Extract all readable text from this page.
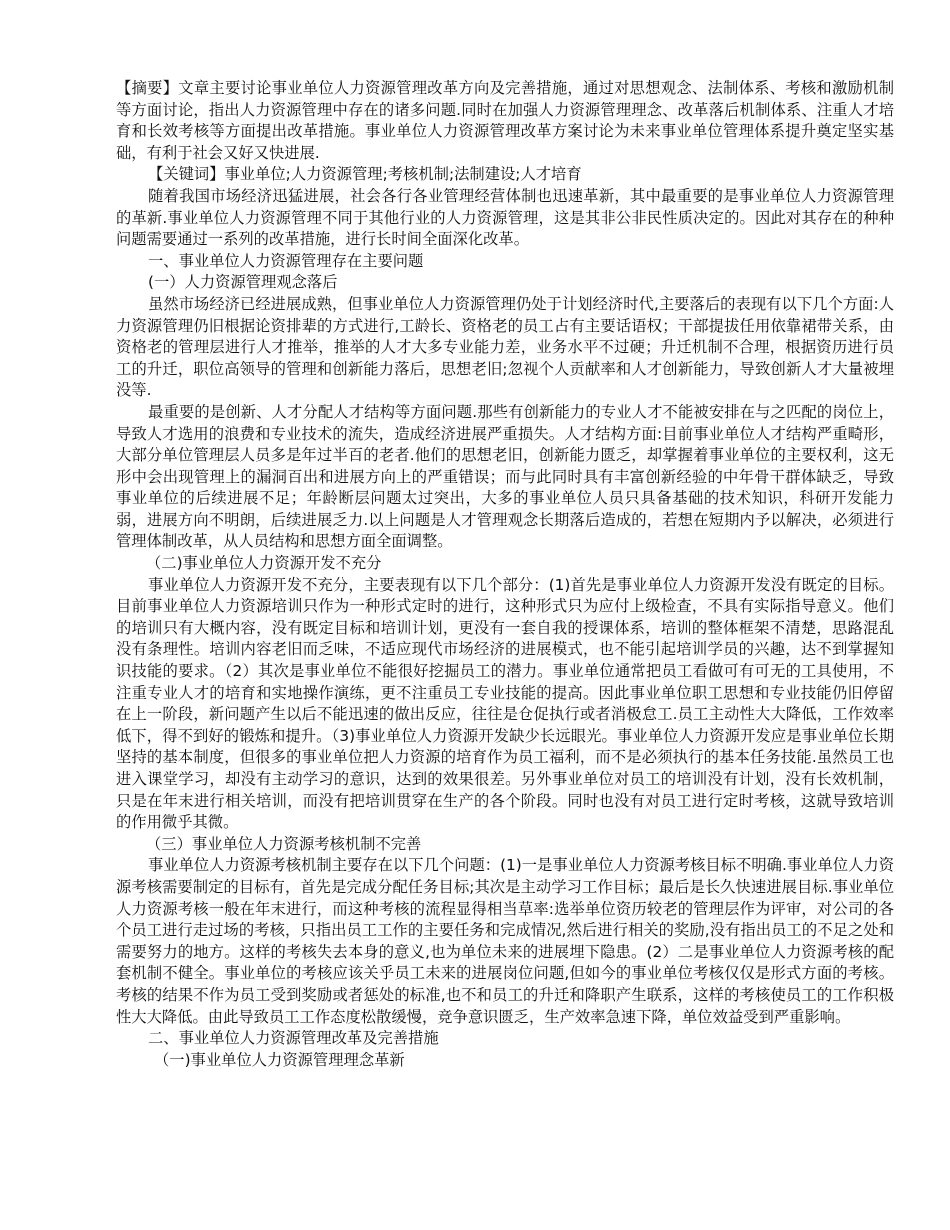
【摘要】文章主要讨论事业单位人力资源管理改革方向及完善措施，通过对思想观念、法制体系、考核和激励机制等方面讨论，指出人力资源管理中存在的诸多问题.同时在加强人力资源管理理念、改革落后机制体系、注重人才培育和长效考核等方面提出改革措施。事业单位人力资源管理改革方案讨论为未来事业单位管理体系提升奠定坚实基础，有利于社会又好又快进展.

【关键词】事业单位;人力资源管理;考核机制;法制建设;人才培育

随着我国市场经济迅猛进展，社会各行各业管理经营体制也迅速革新，其中最重要的是事业单位人力资源管理的革新.事业单位人力资源管理不同于其他行业的人力资源管理，这是其非公非民性质决定的。因此对其存在的种种问题需要通过一系列的改革措施，进行长时间全面深化改革。

一、事业单位人力资源管理存在主要问题

(一）人力资源管理观念落后

虽然市场经济已经进展成熟，但事业单位人力资源管理仍处于计划经济时代,主要落后的表现有以下几个方面:人力资源管理仍旧根据论资排辈的方式进行,工龄长、资格老的员工占有主要话语权；干部提拔任用依靠裙带关系，由资格老的管理层进行人才推举，推举的人才大多专业能力差，业务水平不过硬；升迁机制不合理，根据资历进行员工的升迁，职位高领导的管理和创新能力落后，思想老旧;忽视个人贡献率和人才创新能力，导致创新人才大量被埋没等.

最重要的是创新、人才分配人才结构等方面问题.那些有创新能力的专业人才不能被安排在与之匹配的岗位上，导致人才选用的浪费和专业技术的流失，造成经济进展严重损失。人才结构方面:目前事业单位人才结构严重畸形，大部分单位管理层人员多是年过半百的老者.他们的思想老旧，创新能力匮乏，却掌握着事业单位的主要权利，这无形中会出现管理上的漏洞百出和进展方向上的严重错误；而与此同时具有丰富创新经验的中年骨干群体缺乏，导致事业单位的后续进展不足；年龄断层问题太过突出，大多的事业单位人员只具备基础的技术知识，科研开发能力弱，进展方向不明朗，后续进展乏力.以上问题是人才管理观念长期落后造成的，若想在短期内予以解决，必须进行管理体制改革，从人员结构和思想方面全面调整。

（二)事业单位人力资源开发不充分

事业单位人力资源开发不充分，主要表现有以下几个部分：(1)首先是事业单位人力资源开发没有既定的目标。目前事业单位人力资源培训只作为一种形式定时的进行，这种形式只为应付上级检查，不具有实际指导意义。他们的培训只有大概内容，没有既定目标和培训计划，更没有一套自我的授课体系，培训的整体框架不清楚，思路混乱没有条理性。培训内容老旧而乏味，不适应现代市场经济的进展模式，也不能引起培训学员的兴趣，达不到掌握知识技能的要求。（2）其次是事业单位不能很好挖掘员工的潜力。事业单位通常把员工看做可有可无的工具使用，不注重专业人才的培育和实地操作演练，更不注重员工专业技能的提高。因此事业单位职工思想和专业技能仍旧停留在上一阶段，新问题产生以后不能迅速的做出反应，往往是仓促执行或者消极怠工.员工主动性大大降低，工作效率低下，得不到好的锻炼和提升。（3)事业单位人力资源开发缺少长远眼光。事业单位人力资源开发应是事业单位长期坚持的基本制度，但很多的事业单位把人力资源的培育作为员工福利，而不是必须执行的基本任务技能.虽然员工也进入课堂学习，却没有主动学习的意识，达到的效果很差。另外事业单位对员工的培训没有计划，没有长效机制，只是在年末进行相关培训，而没有把培训贯穿在生产的各个阶段。同时也没有对员工进行定时考核，这就导致培训的作用微乎其微。

（三）事业单位人力资源考核机制不完善

事业单位人力资源考核机制主要存在以下几个问题：(1)一是事业单位人力资源考核目标不明确.事业单位人力资源考核需要制定的目标有，首先是完成分配任务目标;其次是主动学习工作目标；最后是长久快速进展目标.事业单位人力资源考核一般在年末进行，而这种考核的流程显得相当草率:选举单位资历较老的管理层作为评审，对公司的各个员工进行走过场的考核，只指出员工工作的主要任务和完成情况,然后进行相关的奖励,没有指出员工的不足之处和需要努力的地方。这样的考核失去本身的意义,也为单位未来的进展埋下隐患。(2）二是事业单位人力资源考核的配套机制不健全。事业单位的考核应该关乎员工未来的进展岗位问题,但如今的事业单位考核仅仅是形式方面的考核。考核的结果不作为员工受到奖励或者惩处的标准,也不和员工的升迁和降职产生联系，这样的考核使员工的工作积极性大大降低。由此导致员工工作态度松散缓慢，竞争意识匮乏，生产效率急速下降，单位效益受到严重影响。

二、事业单位人力资源管理改革及完善措施

（一)事业单位人力资源管理理念革新
